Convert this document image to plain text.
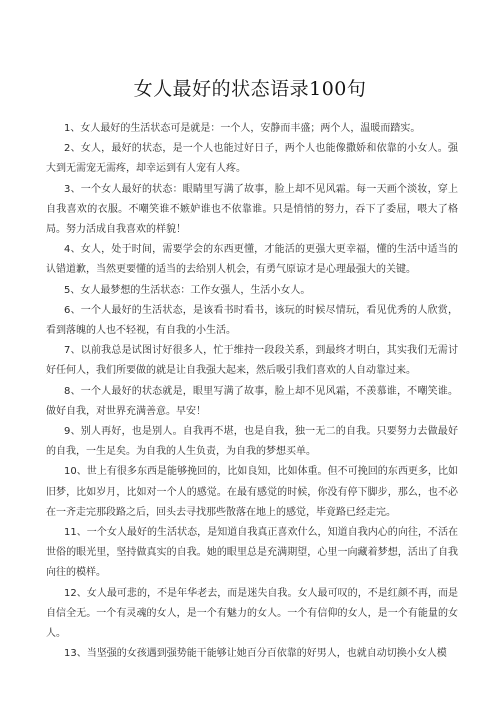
女人最好的状态语录100句

1、女人最好的生活状态可是就是：一个人，安静而丰盛；两个人，温暖而踏实。

2、女人，最好的状态，是一个人也能过好日子，两个人也能像撒娇和依靠的小女人。强大到无需宠无需疼，却幸运到有人宠有人疼。

3、一个女人最好的状态：眼睛里写满了故事，脸上却不见风霜。每一天画个淡妆，穿上自我喜欢的衣服。不嘲笑谁不嫉妒谁也不依靠谁。只是悄悄的努力，吞下了委屈，喂大了格局。努力活成自我喜欢的样貌！

4、女人，处于时间，需要学会的东西更懂，才能活的更强大更幸福，懂的生活中适当的认错道歉，当然更要懂的适当的去给别人机会，有勇气原谅才是心理最强大的关键。

5、女人最梦想的生活状态：工作女强人，生活小女人。

6、一个人最好的生活状态，是该看书时看书，该玩的时候尽情玩，看见优秀的人欣赏，看到落魄的人也不轻视，有自我的小生活。

7、以前我总是试图讨好很多人，忙于维持一段段关系，到最终才明白，其实我们无需讨好任何人，我们所要做的就是让自我强大起来，然后吸引我们喜欢的人自动靠过来。

8、一个人最好的状态就是，眼里写满了故事，脸上却不见风霜，不羡慕谁，不嘲笑谁。做好自我，对世界充满善意。早安！

9、别人再好，也是别人。自我再不堪，也是自我，独一无二的自我。只要努力去做最好的自我，一生足矣。为自我的人生负责，为自我的梦想买单。

10、世上有很多东西是能够挽回的，比如良知，比如体重。但不可挽回的东西更多，比如旧梦，比如岁月，比如对一个人的感觉。在最有感觉的时候，你没有停下脚步，那么，也不必在一齐走完那段路之后，回头去寻找那些散落在地上的感觉，毕竟路已经走完。

11、一个女人最好的生活状态，是知道自我真正喜欢什么，知道自我内心的向往，不活在世俗的眼光里，坚持做真实的自我。她的眼里总是充满期望，心里一向藏着梦想，活出了自我向往的模样。

12、女人最可悲的，不是年华老去，而是迷失自我。女人最可叹的，不是红颜不再，而是自信全无。一个有灵魂的女人，是一个有魅力的女人。一个有信仰的女人，是一个有能量的女人。

13、当坚强的女孩遇到强势能干能够让她百分百依靠的好男人，也就自动切换小女人模
